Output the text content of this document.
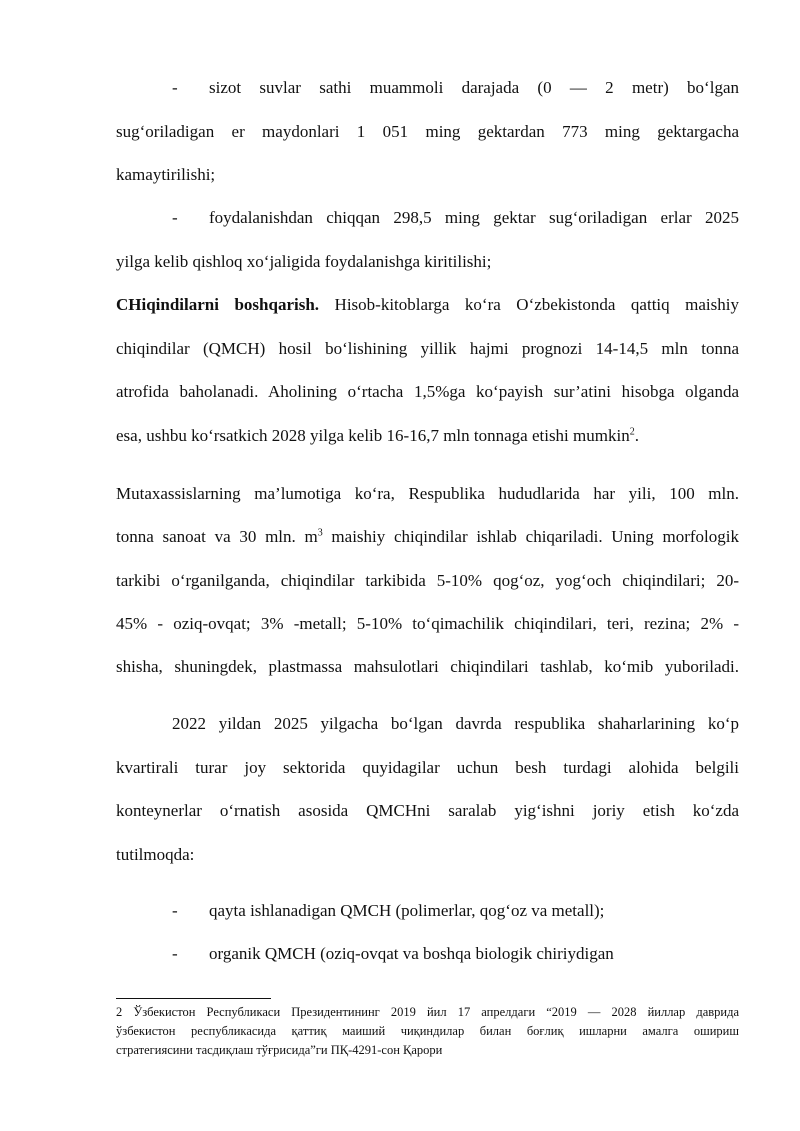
- sizot suvlar sathi muammoli darajada (0 — 2 metr) bo‘lgan
sug‘oriladigan er maydonlari 1 051 ming gektardan 773 ming gektargacha
kamaytirilishi;
- foydalanishdan chiqqan 298,5 ming gektar sug‘oriladigan erlar 2025
yilga kelib qishloq xo‘jaligida foydalanishga kiritilishi;
CHiqindilarni boshqarish. Hisob-kitoblarga ko‘ra O‘zbekistonda qattiq maishiy
chiqindilar (QMCH) hosil bo‘lishining yillik hajmi prognozi 14-14,5 mln tonna
atrofida baholanadi. Aholining o‘rtacha 1,5%ga ko‘payish sur’atini hisobga olganda
esa, ushbu ko‘rsatkich 2028 yilga kelib 16-16,7 mln tonnaga etishi mumkin$^2$.
Mutaxassislarning ma’lumotiga ko‘ra, Respublika hududlarida har yili, 100 mln.
tonna sanoat va 30 mln. $m^3$ maishiy chiqindilar ishlab chiqariladi. Uning morfologik
tarkibi o‘rganilganda, chiqindilar tarkibida 5-10% qog‘oz, yog‘och chiqindilari; 20-
45% - oziq-ovqat; 3% -metall; 5-10% to‘qimachilik chiqindilari, teri, rezina; 2% -
shisha, shuningdek, plastmassa mahsulotlari chiqindilari tashlab, ko‘mib yuboriladi.
2022 yildan 2025 yilgacha bo‘lgan davrda respublika shaharlarining ko‘p
kvartirali turar joy sektorida quyidagilar uchun besh turdagi alohida belgili
konteynerlar o‘rnatish asosida QMCHni saralab yig‘ishni joriy etish ko‘zda
tutilmoqda:
- qayta ishlanadigan QMCH (polimerlar, qog‘oz va metall);
- organik QMCH (oziq-ovqat va boshqa biologik chiriydigan
2 Ўзбекистон Республикаси Президентининг 2019 йил 17 апрелдаги “2019 — 2028 йиллар даврида
ўзбекистон республикасида қаттиқ маиший чиқиндилар билан боғлиқ ишларни амалга ошириш
стратегиясини тасдиқлаш тўғрисида”ги ПҚ-4291-сон Қарори
